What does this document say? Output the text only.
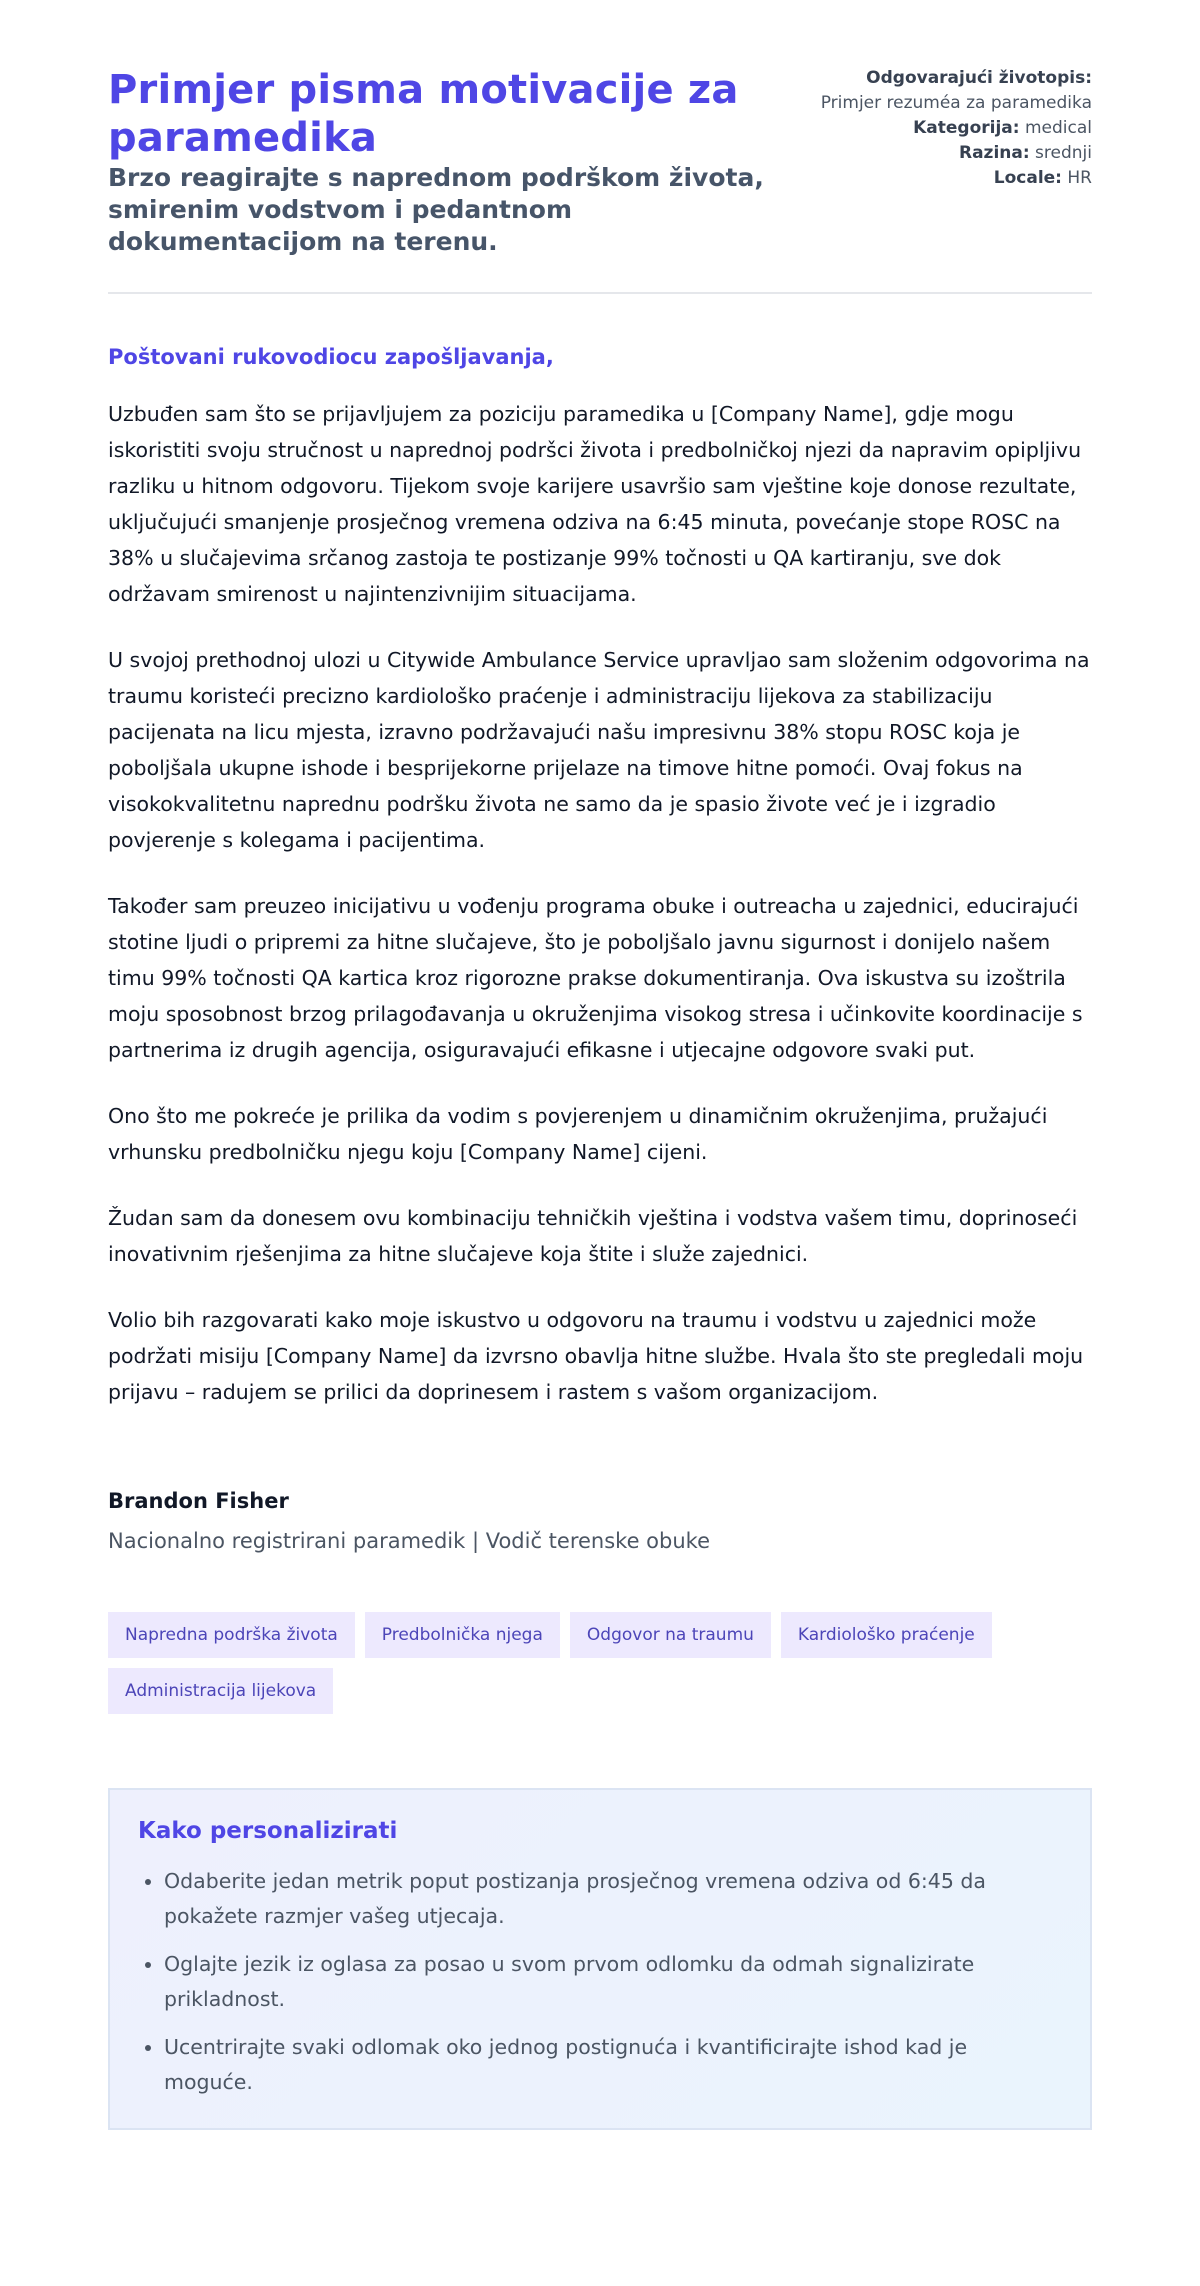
Primjer pisma motivacije za paramedika
Brzo reagirajte s naprednom podrškom života, smirenim vodstvom i pedantnom dokumentacijom na terenu.
Odgovarajući životopis:
Primjer rezuméa za paramedika
Kategorija: medical
Razina: srednji
Locale: HR

Poštovani rukovodiocu zapošljavanja,

Uzbuđen sam što se prijavljujem za poziciju paramedika u [Company Name], gdje mogu iskoristiti svoju stručnost u naprednoj podršci života i predbolničkoj njezi da napravim opipljivu razliku u hitnom odgovoru. Tijekom svoje karijere usavršio sam vještine koje donose rezultate, uključujući smanjenje prosječnog vremena odziva na 6:45 minuta, povećanje stope ROSC na 38% u slučajevima srčanog zastoja te postizanje 99% točnosti u QA kartiranju, sve dok održavam smirenost u najintenzivnijim situacijama.

U svojoj prethodnoj ulozi u Citywide Ambulance Service upravljao sam složenim odgovorima na traumu koristeći precizno kardiološko praćenje i administraciju lijekova za stabilizaciju pacijenata na licu mjesta, izravno podržavajući našu impresivnu 38% stopu ROSC koja je poboljšala ukupne ishode i besprijekorne prijelaze na timove hitne pomoći. Ovaj fokus na visokokvalitetnu naprednu podršku života ne samo da je spasio živote već je i izgradio povjerenje s kolegama i pacijentima.

Također sam preuzeo inicijativu u vođenju programa obuke i outreacha u zajednici, educirajući stotine ljudi o pripremi za hitne slučajeve, što je poboljšalo javnu sigurnost i donijelo našem timu 99% točnosti QA kartica kroz rigorozne prakse dokumentiranja. Ova iskustva su izoštrila moju sposobnost brzog prilagođavanja u okruženjima visokog stresa i učinkovite koordinacije s partnerima iz drugih agencija, osiguravajući efikasne i utjecajne odgovore svaki put.

Ono što me pokreće je prilika da vodim s povjerenjem u dinamičnim okruženjima, pružajući vrhunsku predbolničku njegu koju [Company Name] cijeni.

Žudan sam da donesem ovu kombinaciju tehničkih vještina i vodstva vašem timu, doprinoseći inovativnim rješenjima za hitne slučajeve koja štite i služe zajednici.

Volio bih razgovarati kako moje iskustvo u odgovoru na traumu i vodstvu u zajednici može podržati misiju [Company Name] da izvrsno obavlja hitne službe. Hvala što ste pregledali moju prijavu – radujem se prilici da doprinesem i rastem s vašom organizacijom.

Brandon Fisher
Nacionalno registrirani paramedik | Vodič terenske obuke
Napredna podrška života	Predbolnička njega	Odgovor na traumu	Kardiološko praćenje
Administracija lijekova
Kako personalizirati
• Odaberite jedan metrik poput postizanja prosječnog vremena odziva od 6:45 da pokažete razmjer vašeg utjecaja.
• Oglajte jezik iz oglasa za posao u svom prvom odlomku da odmah signalizirate prikladnost.
• Ucentrirajte svaki odlomak oko jednog postignuća i kvantificirajte ishod kad je moguće.
